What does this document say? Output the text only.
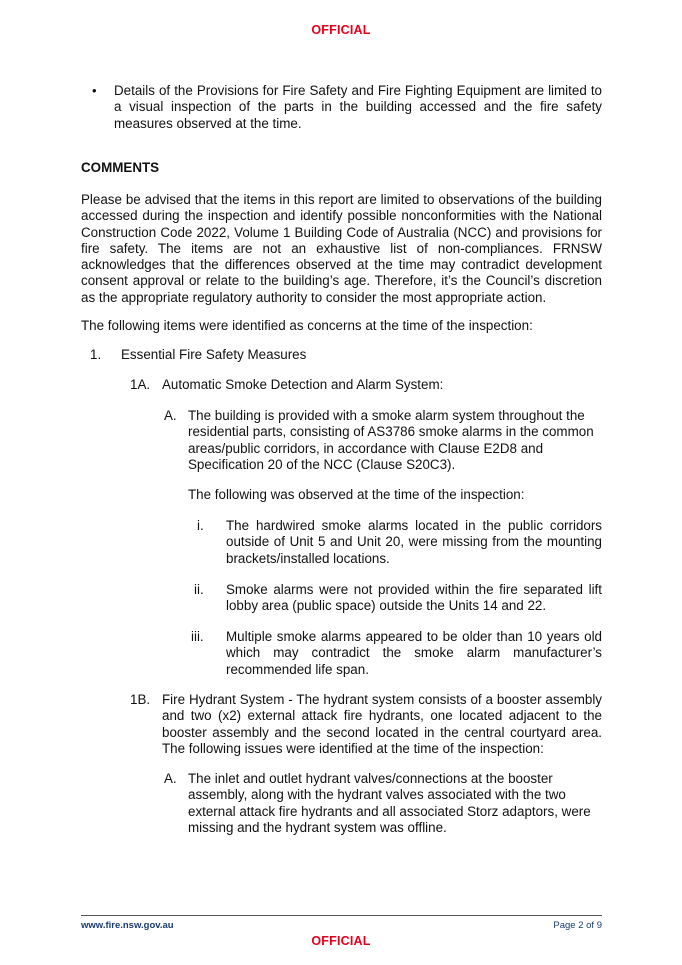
OFFICIAL
• Details of the Provisions for Fire Safety and Fire Fighting Equipment are limited to a visual inspection of the parts in the building accessed and the fire safety measures observed at the time.
COMMENTS
Please be advised that the items in this report are limited to observations of the building accessed during the inspection and identify possible nonconformities with the National Construction Code 2022, Volume 1 Building Code of Australia (NCC) and provisions for fire safety. The items are not an exhaustive list of non-compliances. FRNSW acknowledges that the differences observed at the time may contradict development consent approval or relate to the building’s age. Therefore, it’s the Council’s discretion as the appropriate regulatory authority to consider the most appropriate action.
The following items were identified as concerns at the time of the inspection:
1. Essential Fire Safety Measures
1A. Automatic Smoke Detection and Alarm System:
A. The building is provided with a smoke alarm system throughout the residential parts, consisting of AS3786 smoke alarms in the common areas/public corridors, in accordance with Clause E2D8 and Specification 20 of the NCC (Clause S20C3).
The following was observed at the time of the inspection:
i. The hardwired smoke alarms located in the public corridors outside of Unit 5 and Unit 20, were missing from the mounting brackets/installed locations.
ii. Smoke alarms were not provided within the fire separated lift lobby area (public space) outside the Units 14 and 22.
iii. Multiple smoke alarms appeared to be older than 10 years old which may contradict the smoke alarm manufacturer’s recommended life span.
1B. Fire Hydrant System - The hydrant system consists of a booster assembly and two (x2) external attack fire hydrants, one located adjacent to the booster assembly and the second located in the central courtyard area. The following issues were identified at the time of the inspection:
A. The inlet and outlet hydrant valves/connections at the booster assembly, along with the hydrant valves associated with the two external attack fire hydrants and all associated Storz adaptors, were missing and the hydrant system was offline.
www.fire.nsw.gov.au	Page 2 of 9
OFFICIAL
